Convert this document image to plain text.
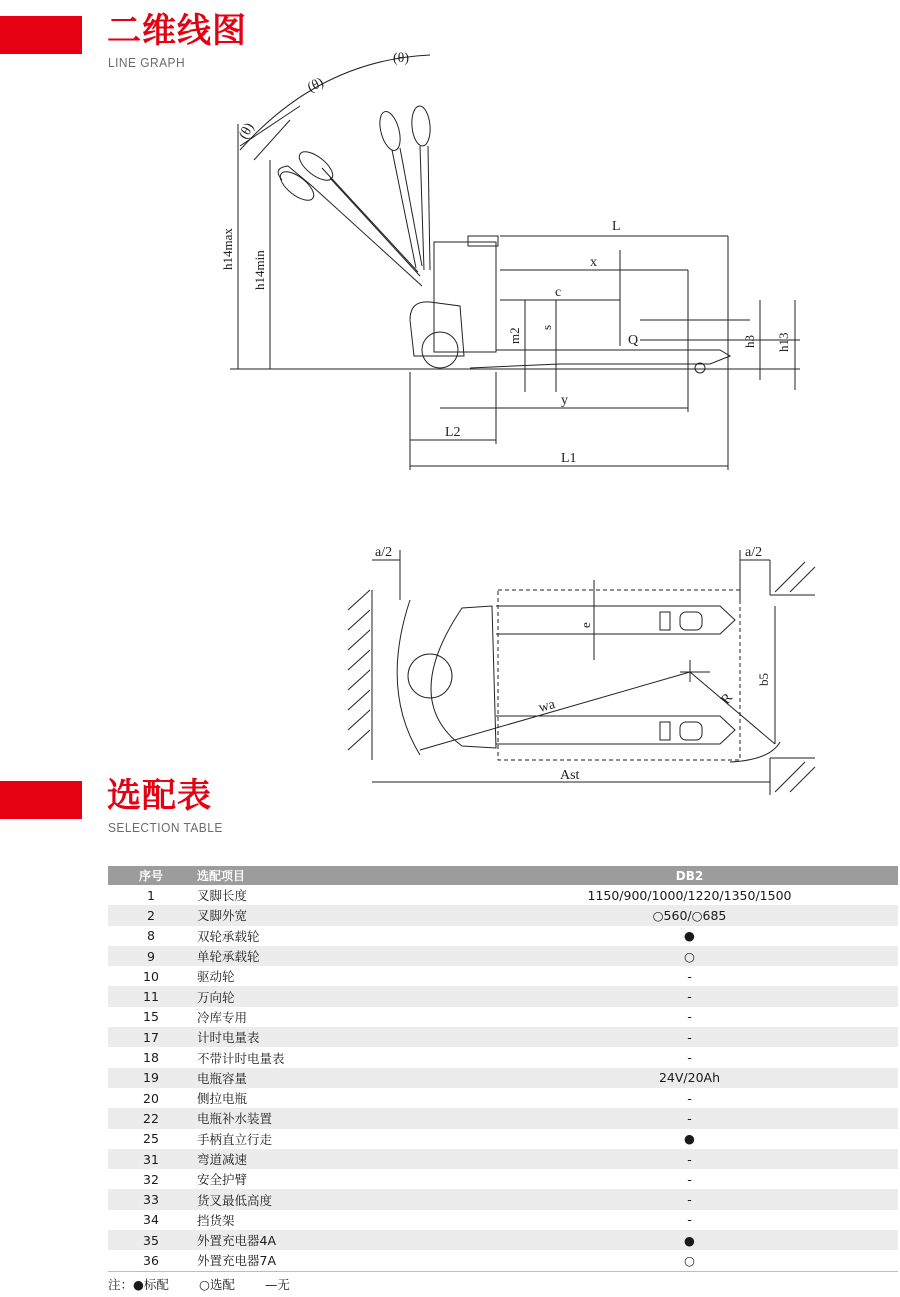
二维线图
LINE GRAPH	(θ)
(θ)
(θ)
h14max
h14min
L
x
c
m2 s
Q	h3 h13
y
L2
L1
a/2	a/2
e
b5
R
wa
Ast
选配表
SELECTION TABLE
序号	选配项目	DB2
1	叉脚长度	1150/900/1000/1220/1350/1500
2	叉脚外宽	○560/○685
8	双轮承载轮	●
9	单轮承载轮	○
10	驱动轮	-
11	万向轮	-
15	冷库专用	-
17	计时电量表	-
18	不带计时电量表	-
19	电瓶容量	24V/20Ah
20	侧拉电瓶	-
22	电瓶补水装置	-
25	手柄直立行走	●
31	弯道减速	-
32	安全护臂	-
33	货叉最低高度	-
34	挡货架	-
35	外置充电器4A	●
36	外置充电器7A	○
注：●标配 ○选配 —无
